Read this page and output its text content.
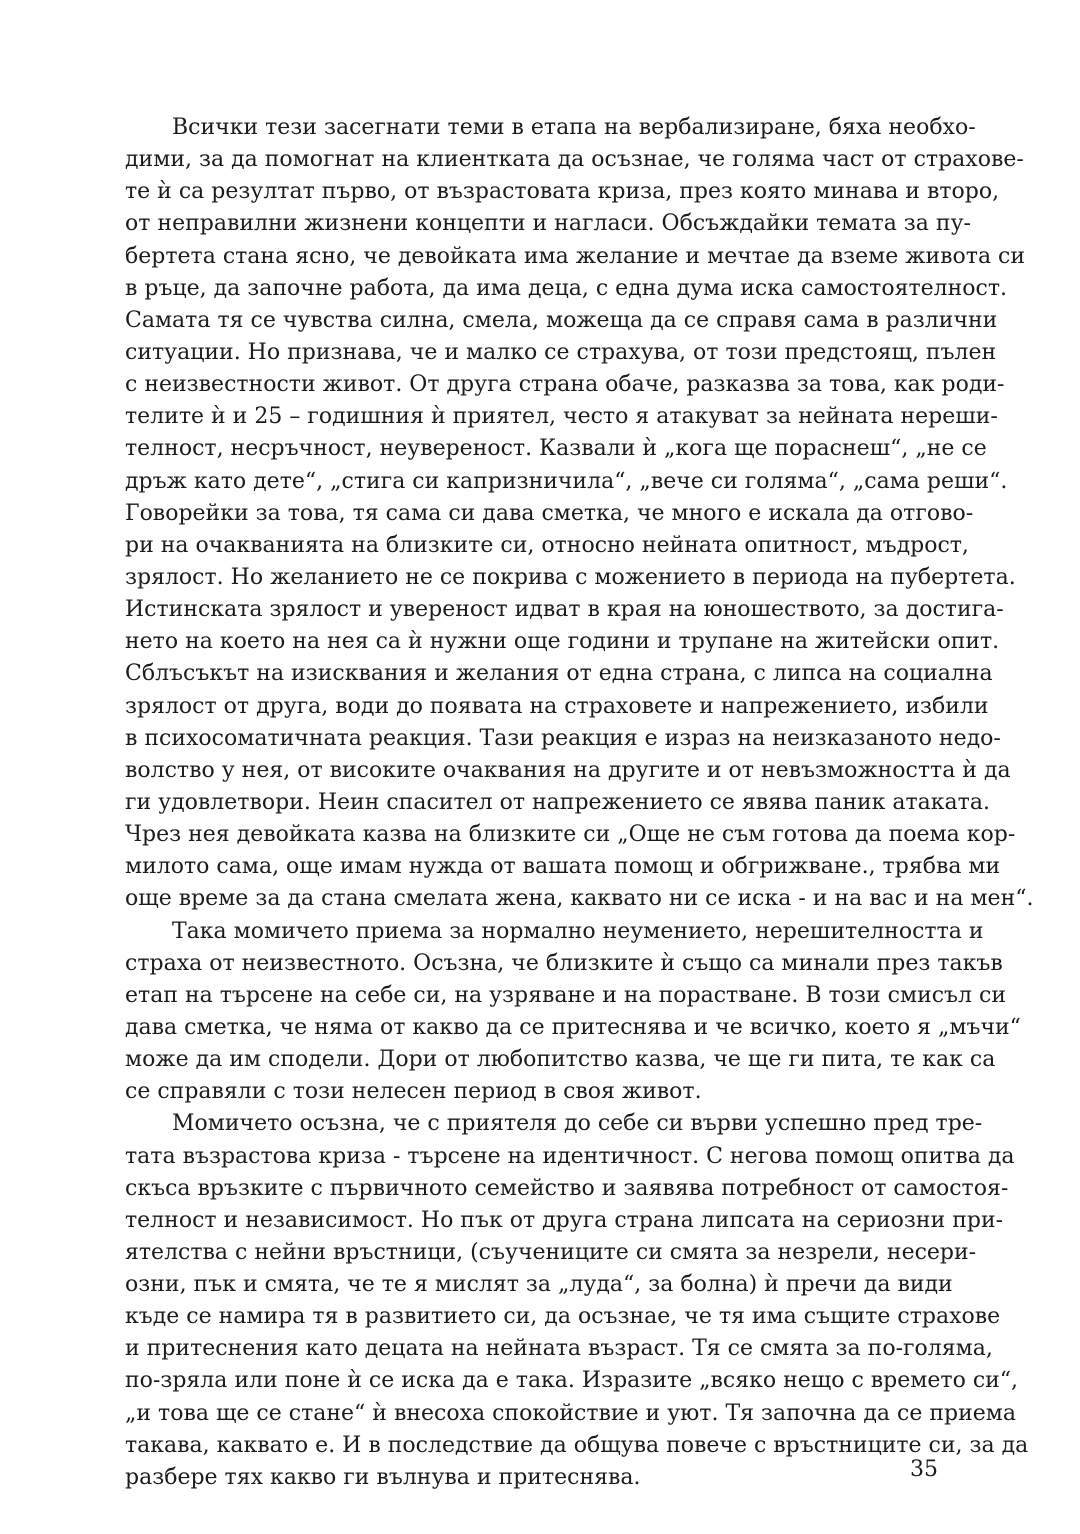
Всички тези засегнати теми в етапа на вербализиране, бяха необхо-
дими, за да помогнат на клиентката да осъзнае, че голяма част от страхове-
те ѝ са резултат първо, от възрастовата криза, през която минава и второ,
от неправилни жизнени концепти и нагласи. Обсъждайки темата за пу-
бертета стана ясно, че девойката има желание и мечтае да вземе живота си
в ръце, да започне работа, да има деца, с една дума иска самостоятелност.
Самата тя се чувства силна, смела, можеща да се справя сама в различни
ситуации. Но признава, че и малко се страхува, от този предстоящ, пълен
с неизвестности живот. От друга страна обаче, разказва за това, как роди-
телите ѝ и 25 – годишния ѝ приятел, често я атакуват за нейната нереши-
телност, несръчност, неувереност. Казвали ѝ „кога ще пораснеш“, „не се
дръж като дете“, „стига си капризничила“, „вече си голяма“, „сама реши“.
Говорейки за това, тя сама си дава сметка, че много е искала да отгово-
ри на очакванията на близките си, относно нейната опитност, мъдрост,
зрялост. Но желанието не се покрива с можението в периода на пубертета.
Истинската зрялост и увереност идват в края на юношеството, за достига-
нето на което на нея са ѝ нужни още години и трупане на житейски опит.
Сблъсъкът на изисквания и желания от една страна, с липса на социална
зрялост от друга, води до появата на страховете и напрежението, избили
в психосоматичната реакция. Тази реакция е израз на неизказаното недо-
волство у нея, от високите очаквания на другите и от невъзможността ѝ да
ги удовлетвори. Неин спасител от напрежението се явява паник атаката.
Чрез нея девойката казва на близките си „Още не съм готова да поема кор-
милото сама, още имам нужда от вашата помощ и обгрижване., трябва ми
още време за да стана смелата жена, каквато ни се иска - и на вас и на мен“.
Така момичето приема за нормално неумението, нерешителността и
страха от неизвестното. Осъзна, че близките ѝ също са минали през такъв
етап на търсене на себе си, на узряване и на порастване. В този смисъл си
дава сметка, че няма от какво да се притеснява и че всичко, което я „мъчи“
може да им сподели. Дори от любопитство казва, че ще ги пита, те как са
се справяли с този нелесен период в своя живот.
Момичето осъзна, че с приятеля до себе си върви успешно пред тре-
тата възрастова криза - търсене на идентичност. С негова помощ опитва да
скъса връзките с първичното семейство и заявява потребност от самостоя-
телност и независимост. Но пък от друга страна липсата на сериозни при-
ятелства с нейни връстници, (съучениците си смята за незрели, несери-
озни, пък и смята, че те я мислят за „луда“, за болна) ѝ пречи да види
къде се намира тя в развитието си, да осъзнае, че тя има същите страхове
и притеснения като децата на нейната възраст. Тя се смята за по-голяма,
по-зряла или поне ѝ се иска да е така. Изразите „всяко нещо с времето си“,
„и това ще се стане“ ѝ внесоха спокойствие и уют. Тя започна да се приема
такава, каквато е. И в последствие да общува повече с връстниците си, за да
разбере тях какво ги вълнува и притеснява.	35
